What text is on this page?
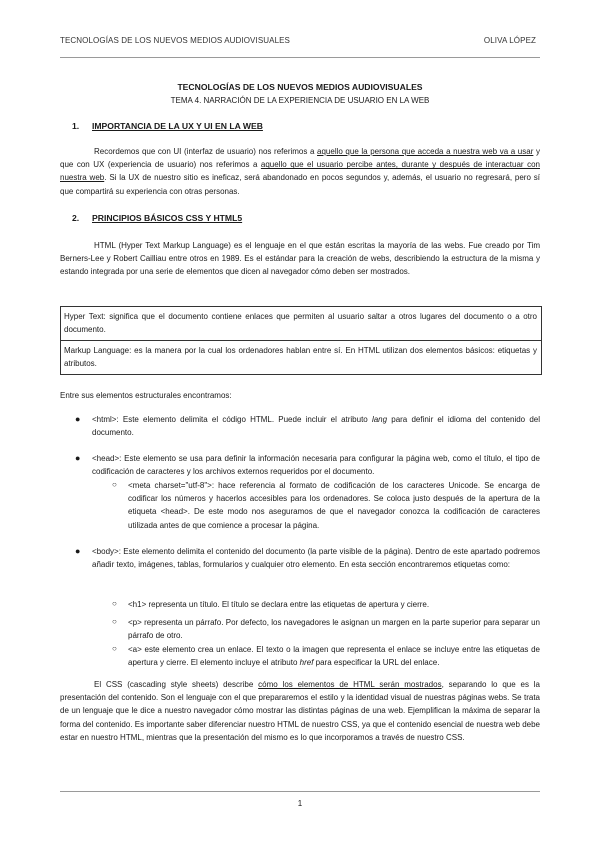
TECNOLOGÍAS DE LOS NUEVOS MEDIOS AUDIOVISUALES	OLIVA LÓPEZ
TECNOLOGÍAS DE LOS NUEVOS MEDIOS AUDIOVISUALES
TEMA 4. NARRACIÓN DE LA EXPERIENCIA DE USUARIO EN LA WEB
1. IMPORTANCIA DE LA UX Y UI EN LA WEB
Recordemos que con UI (interfaz de usuario) nos referimos a aquello que la persona que acceda a nuestra web va a usar y que con UX (experiencia de usuario) nos referimos a aquello que el usuario percibe antes, durante y después de interactuar con nuestra web. Si la UX de nuestro sitio es ineficaz, será abandonado en pocos segundos y, además, el usuario no regresará, pero sí que compartirá su experiencia con otras personas.
2. PRINCIPIOS BÁSICOS CSS Y HTML5
HTML (Hyper Text Markup Language) es el lenguaje en el que están escritas la mayoría de las webs. Fue creado por Tim Berners-Lee y Robert Cailliau entre otros en 1989. Es el estándar para la creación de webs, describiendo la estructura de la misma y estando integrada por una serie de elementos que dicen al navegador cómo deben ser mostrados.
Hyper Text: significa que el documento contiene enlaces que permiten al usuario saltar a otros lugares del documento o a otro documento.
Markup Language: es la manera por la cual los ordenadores hablan entre sí. En HTML utilizan dos elementos básicos: etiquetas y atributos.
Entre sus elementos estructurales encontramos:
● <html>: Este elemento delimita el código HTML. Puede incluir el atributo lang para definir el idioma del contenido del documento.
● <head>: Este elemento se usa para definir la información necesaria para configurar la página web, como el título, el tipo de codificación de caracteres y los archivos externos requeridos por el documento.
○ <meta charset="utf-8">: hace referencia al formato de codificación de los caracteres Unicode. Se encarga de codificar los números y hacerlos accesibles para los ordenadores. Se coloca justo después de la apertura de la etiqueta <head>. De este modo nos aseguramos de que el navegador conozca la codificación de caracteres utilizada antes de que comience a procesar la página.
● <body>: Este elemento delimita el contenido del documento (la parte visible de la página). Dentro de este apartado podremos añadir texto, imágenes, tablas, formularios y cualquier otro elemento. En esta sección encontraremos etiquetas como:
○ <h1> representa un título. El título se declara entre las etiquetas de apertura y cierre.
○ <p> representa un párrafo. Por defecto, los navegadores le asignan un margen en la parte superior para separar un párrafo de otro.
○ <a> este elemento crea un enlace. El texto o la imagen que representa el enlace se incluye entre las etiquetas de apertura y cierre. El elemento incluye el atributo href para especificar la URL del enlace.
El CSS (cascading style sheets) describe cómo los elementos de HTML serán mostrados, separando lo que es la presentación del contenido. Son el lenguaje con el que prepararemos el estilo y la identidad visual de nuestras páginas webs. Se trata de un lenguaje que le dice a nuestro navegador cómo mostrar las distintas páginas de una web. Ejemplifican la máxima de separar la forma del contenido. Es importante saber diferenciar nuestro HTML de nuestro CSS, ya que el contenido esencial de nuestra web debe estar en nuestro HTML, mientras que la presentación del mismo es lo que incorporamos a través de nuestro CSS.
1
